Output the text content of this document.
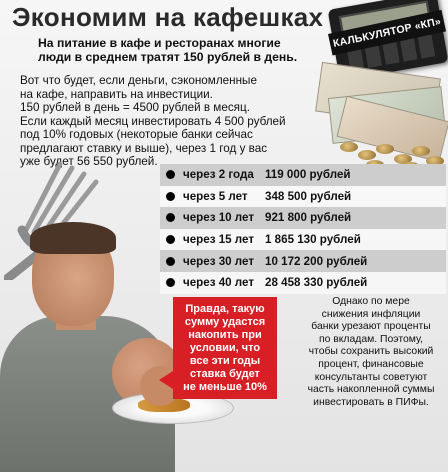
КАЛЬКУЛЯТОР «КП»
Экономим на кафешках
На питание в кафе и ресторанах многие
люди в среднем тратят 150 рублей в день.
Вот что будет, если деньги, сэкономленные
на кафе, направить на инвестиции.
150 рублей в день = 4500 рублей в месяц.
Если каждый месяц инвестировать 4 500 рублей
под 10% годовых (некоторые банки сейчас
предлагают ставку и выше), через 1 год у вас
уже будет 56 550 рублей.
через 2 года 119 000 рублей
через 5 лет	348 500 рублей
через 10 лет 921 800 рублей
через 15 лет 1 865 130 рублей
через 30 лет 10 172 200 рублей
через 40 лет 28 458 330 рублей
Правда, такую
сумму удастся
накопить при
условии, что
все эти годы
ставка будет
не меньше 10%
Однако по мере
снижения инфляции
банки урезают проценты
по вкладам. Поэтому,
чтобы сохранить высокий
процент, финансовые
консультанты советуют
часть накопленной суммы
инвестировать в ПИФы.
